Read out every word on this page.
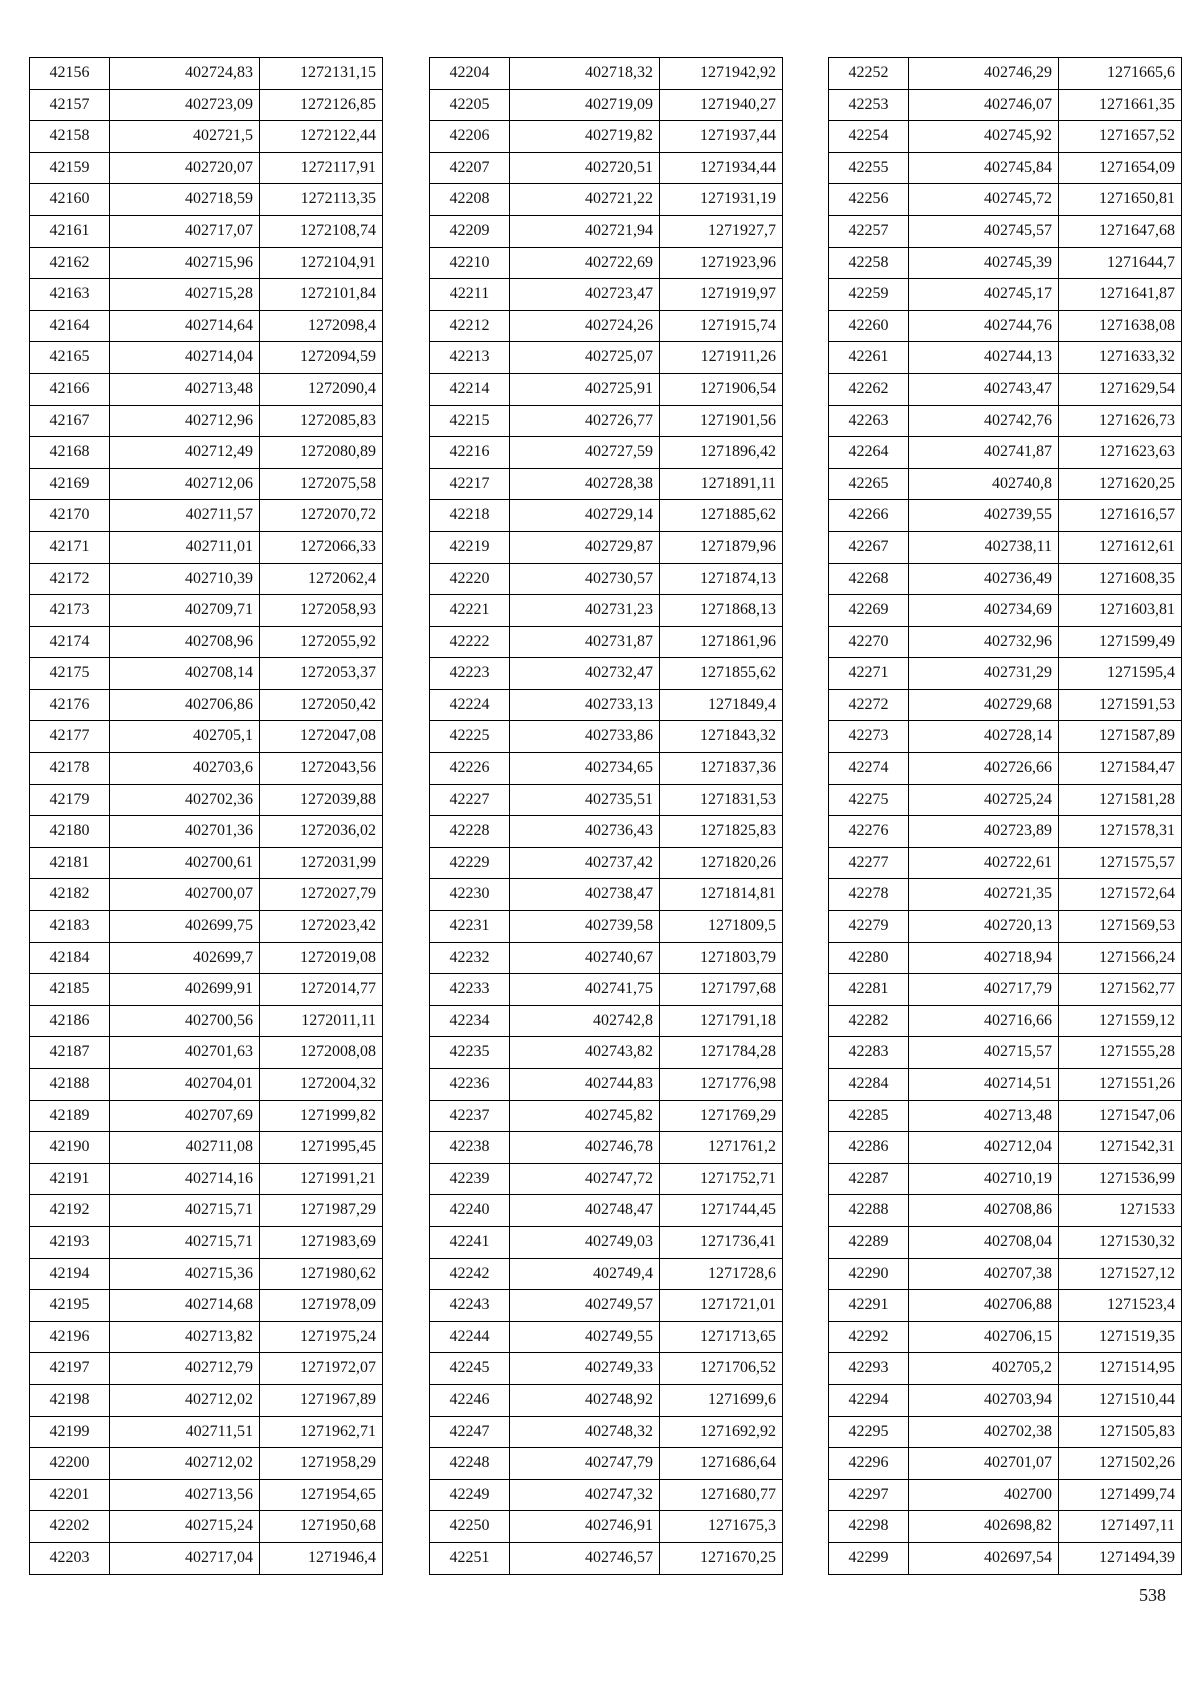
42156	402724,83	1272131,15
42157	402723,09	1272126,85
42158	402721,5	1272122,44
42159	402720,07	1272117,91
42160	402718,59	1272113,35
42161	402717,07	1272108,74
42162	402715,96	1272104,91
42163	402715,28	1272101,84
42164	402714,64	1272098,4
42165	402714,04	1272094,59
42166	402713,48	1272090,4
42167	402712,96	1272085,83
42168	402712,49	1272080,89
42169	402712,06	1272075,58
42170	402711,57	1272070,72
42171	402711,01	1272066,33
42172	402710,39	1272062,4
42173	402709,71	1272058,93
42174	402708,96	1272055,92
42175	402708,14	1272053,37
42176	402706,86	1272050,42
42177	402705,1	1272047,08
42178	402703,6	1272043,56
42179	402702,36	1272039,88
42180	402701,36	1272036,02
42181	402700,61	1272031,99
42182	402700,07	1272027,79
42183	402699,75	1272023,42
42184	402699,7	1272019,08
42185	402699,91	1272014,77
42186	402700,56	1272011,11
42187	402701,63	1272008,08
42188	402704,01	1272004,32
42189	402707,69	1271999,82
42190	402711,08	1271995,45
42191	402714,16	1271991,21
42192	402715,71	1271987,29
42193	402715,71	1271983,69
42194	402715,36	1271980,62
42195	402714,68	1271978,09
42196	402713,82	1271975,24
42197	402712,79	1271972,07
42198	402712,02	1271967,89
42199	402711,51	1271962,71
42200	402712,02	1271958,29
42201	402713,56	1271954,65
42202	402715,24	1271950,68
42203	402717,04	1271946,4
42204	402718,32	1271942,92
42205	402719,09	1271940,27
42206	402719,82	1271937,44
42207	402720,51	1271934,44
42208	402721,22	1271931,19
42209	402721,94	1271927,7
42210	402722,69	1271923,96
42211	402723,47	1271919,97
42212	402724,26	1271915,74
42213	402725,07	1271911,26
42214	402725,91	1271906,54
42215	402726,77	1271901,56
42216	402727,59	1271896,42
42217	402728,38	1271891,11
42218	402729,14	1271885,62
42219	402729,87	1271879,96
42220	402730,57	1271874,13
42221	402731,23	1271868,13
42222	402731,87	1271861,96
42223	402732,47	1271855,62
42224	402733,13	1271849,4
42225	402733,86	1271843,32
42226	402734,65	1271837,36
42227	402735,51	1271831,53
42228	402736,43	1271825,83
42229	402737,42	1271820,26
42230	402738,47	1271814,81
42231	402739,58	1271809,5
42232	402740,67	1271803,79
42233	402741,75	1271797,68
42234	402742,8	1271791,18
42235	402743,82	1271784,28
42236	402744,83	1271776,98
42237	402745,82	1271769,29
42238	402746,78	1271761,2
42239	402747,72	1271752,71
42240	402748,47	1271744,45
42241	402749,03	1271736,41
42242	402749,4	1271728,6
42243	402749,57	1271721,01
42244	402749,55	1271713,65
42245	402749,33	1271706,52
42246	402748,92	1271699,6
42247	402748,32	1271692,92
42248	402747,79	1271686,64
42249	402747,32	1271680,77
42250	402746,91	1271675,3
42251	402746,57	1271670,25
42252	402746,29	1271665,6
42253	402746,07	1271661,35
42254	402745,92	1271657,52
42255	402745,84	1271654,09
42256	402745,72	1271650,81
42257	402745,57	1271647,68
42258	402745,39	1271644,7
42259	402745,17	1271641,87
42260	402744,76	1271638,08
42261	402744,13	1271633,32
42262	402743,47	1271629,54
42263	402742,76	1271626,73
42264	402741,87	1271623,63
42265	402740,8	1271620,25
42266	402739,55	1271616,57
42267	402738,11	1271612,61
42268	402736,49	1271608,35
42269	402734,69	1271603,81
42270	402732,96	1271599,49
42271	402731,29	1271595,4
42272	402729,68	1271591,53
42273	402728,14	1271587,89
42274	402726,66	1271584,47
42275	402725,24	1271581,28
42276	402723,89	1271578,31
42277	402722,61	1271575,57
42278	402721,35	1271572,64
42279	402720,13	1271569,53
42280	402718,94	1271566,24
42281	402717,79	1271562,77
42282	402716,66	1271559,12
42283	402715,57	1271555,28
42284	402714,51	1271551,26
42285	402713,48	1271547,06
42286	402712,04	1271542,31
42287	402710,19	1271536,99
42288	402708,86	1271533
42289	402708,04	1271530,32
42290	402707,38	1271527,12
42291	402706,88	1271523,4
42292	402706,15	1271519,35
42293	402705,2	1271514,95
42294	402703,94	1271510,44
42295	402702,38	1271505,83
42296	402701,07	1271502,26
42297	402700	1271499,74
42298	402698,82	1271497,11
42299	402697,54	1271494,39
538
